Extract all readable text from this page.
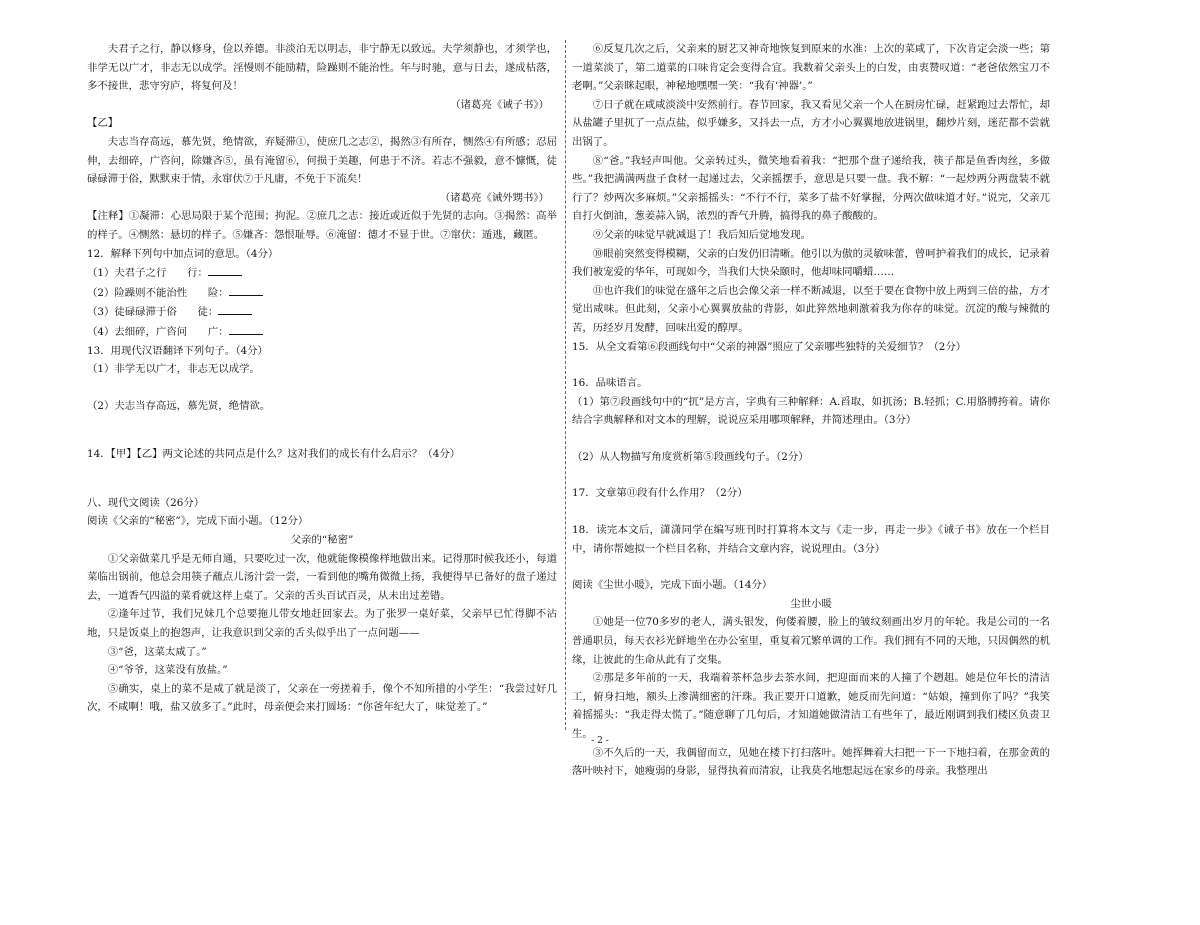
夫君子之行，静以修身，俭以养德。非淡泊无以明志，非宁静无以致远。夫学须静也，才须学也，非学无以广才，非志无以成学。淫慢则不能励精，险躁则不能治性。年与时驰，意与日去，遂成枯落，多不接世，悲守穷庐，将复何及！

（诸葛亮《诫子书》）

【乙】

夫志当存高远，慕先贤，绝情欲，弃疑滞①，使庶几之志②，揭然③有所存，恻然④有所感；忍屈伸，去细碎，广咨问，除嫌吝⑤，虽有淹留⑥，何损于美趣，何患于不济。若志不强毅，意不慷慨，徒碌碌滞于俗，默默束于情，永窜伏⑦于凡庸，不免于下流矣！

（诸葛亮《诫外甥书》）

【注释】①凝滞：心思局限于某个范围；拘泥。②庶几之志：接近或近似于先贤的志向。③揭然：高举的样子。④恻然：悬切的样子。⑤嫌吝：怨恨耻辱。⑥淹留：德才不显于世。⑦窜伏：遁逃，藏匿。

12．解释下列句中加点词的意思。（4分）

（1）夫君子之行　　行：

（2）险躁则不能治性　　险：

（3）徒碌碌滞于俗　　徒：

（4）去细碎，广咨问　　广：

13．用现代汉语翻译下列句子。（4分）

（1）非学无以广才，非志无以成学。

（2）夫志当存高远，慕先贤，绝情欲。

14．【甲】【乙】两文论述的共同点是什么？这对我们的成长有什么启示？（4分）

八、现代文阅读（26分）

阅读《父亲的“秘密”》，完成下面小题。（12分）

父亲的“秘密”

①父亲做菜几乎是无师自通，只要吃过一次，他就能像模像样地做出来。记得那时候我还小，每道菜临出锅前，他总会用筷子蘸点儿汤汁尝一尝，一看到他的嘴角微微上扬，我便得早已备好的盘子递过去，一道香气四溢的菜肴就这样上桌了。父亲的舌头百试百灵，从未出过差错。

②逢年过节，我们兄妹几个总要拖儿带女地赶回家去。为了张罗一桌好菜，父亲早已忙得脚不沾地，只是饭桌上的抱怨声，让我意识到父亲的舌头似乎出了一点问题——

③“爸，这菜太咸了。”

④“爷爷，这菜没有放盐。”

⑤确实，桌上的菜不是咸了就是淡了，父亲在一旁搓着手，像个不知所措的小学生：“我尝过好几次，不咸啊！哦，盐又放多了。”此时，母亲便会来打圆场：“你爸年纪大了，味觉差了。”

⑥反复几次之后，父亲来的厨艺又神奇地恢复到原来的水准：上次的菜咸了，下次肯定会淡一些；第一道菜淡了，第二道菜的口味肯定会变得合宜。我数着父亲头上的白发，由衷赞叹道：“老爸依然宝刀不老啊。”父亲眯起眼，神秘地嘿嘿一笑：“我有‘神器’。”

⑦日子就在咸咸淡淡中安然前行。春节回家，我又看见父亲一个人在厨房忙碌，赶紧跑过去帮忙，却从盐罐子里扤了一点点盐，似乎嫌多，又抖去一点，方才小心翼翼地放进锅里，翻炒片刻，迷茫都不尝就出锅了。

⑧“爸。”我轻声叫他。父亲转过头，微笑地看着我：“把那个盘子递给我，筷子都是鱼香肉丝，多做些。”我把满满两盘子食材一起递过去，父亲摇摆手，意思是只要一盘。我不解：“一起炒两分两盘装不就行了？炒两次多麻烦。”父亲摇摇头：“不行不行，菜多了盐不好掌握，分两次做味道才好。”说完，父亲兀自打火倒油，葱姜蒜入锅，浓烈的香气升腾，搞得我的鼻子酸酸的。

⑨父亲的味觉早就减退了！我后知后觉地发现。

⑩眼前突然变得模糊，父亲的白发仍旧清晰。他引以为傲的灵敏味蕾，曾呵护着我们的成长，记录着我们被宠爱的华年，可现如今，当我们大快朵颐时，他却味同嚼蜡……

⑪也许我们的味觉在盛年之后也会像父亲一样不断减退，以至于要在食物中放上两到三倍的盐，方才觉出咸味。但此刻，父亲小心翼翼放盐的背影，如此猝然地刺激着我为你存的味觉。沉淀的酸与辣微的苦，历经岁月发酵，回味出爱的醇厚。

15．从全文看第⑥段画线句中“父亲的神器”照应了父亲哪些独特的关爱细节？（2分）

16．品味语言。

（1）第⑦段画线句中的“扤”是方言，字典有三种解释：A.舀取，如扤汤；B.轻抓；C.用胳膊挎着。请你结合字典解释和对文本的理解，说说应采用哪项解释，并简述理由。（3分）

（2）从人物描写角度赏析第⑤段画线句子。（2分）

17．文章第⑪段有什么作用？（2分）

18．读完本文后，潇潇同学在编写班刊时打算将本文与《走一步，再走一步》《诫子书》放在一个栏目中，请你帮她拟一个栏目名称，并结合文章内容，说说理由。（3分）

阅读《尘世小暖》，完成下面小题。（14分）

尘世小暖

①她是一位70多岁的老人，满头银发，佝偻着腰，脸上的皱纹刻画出岁月的年轮。我是公司的一名普通职员，每天衣衫光鲜地坐在办公室里，重复着冗繁单调的工作。我们拥有不同的天地，只因偶然的机缘，让彼此的生命从此有了交集。

②那是多年前的一天，我端着茶杯急步去茶水间，把迎面而来的人撞了个趔趄。她是位年长的清洁工，俯身扫地，额头上渗满细密的汗珠。我正要开口道歉，她反而先问道：“姑娘，撞到你了吗？”我笑着摇摇头：“我走得太慌了。”随意聊了几句后，才知道她做清洁工有些年了，最近刚调到我们楼区负责卫生。

③不久后的一天，我偶留而立，见她在楼下打扫落叶。她挥舞着大扫把一下一下地扫着，在那金黄的落叶映衬下，她瘦弱的身影，显得执着而清寂，让我莫名地想起远在家乡的母亲。我整理出

- 2 -
